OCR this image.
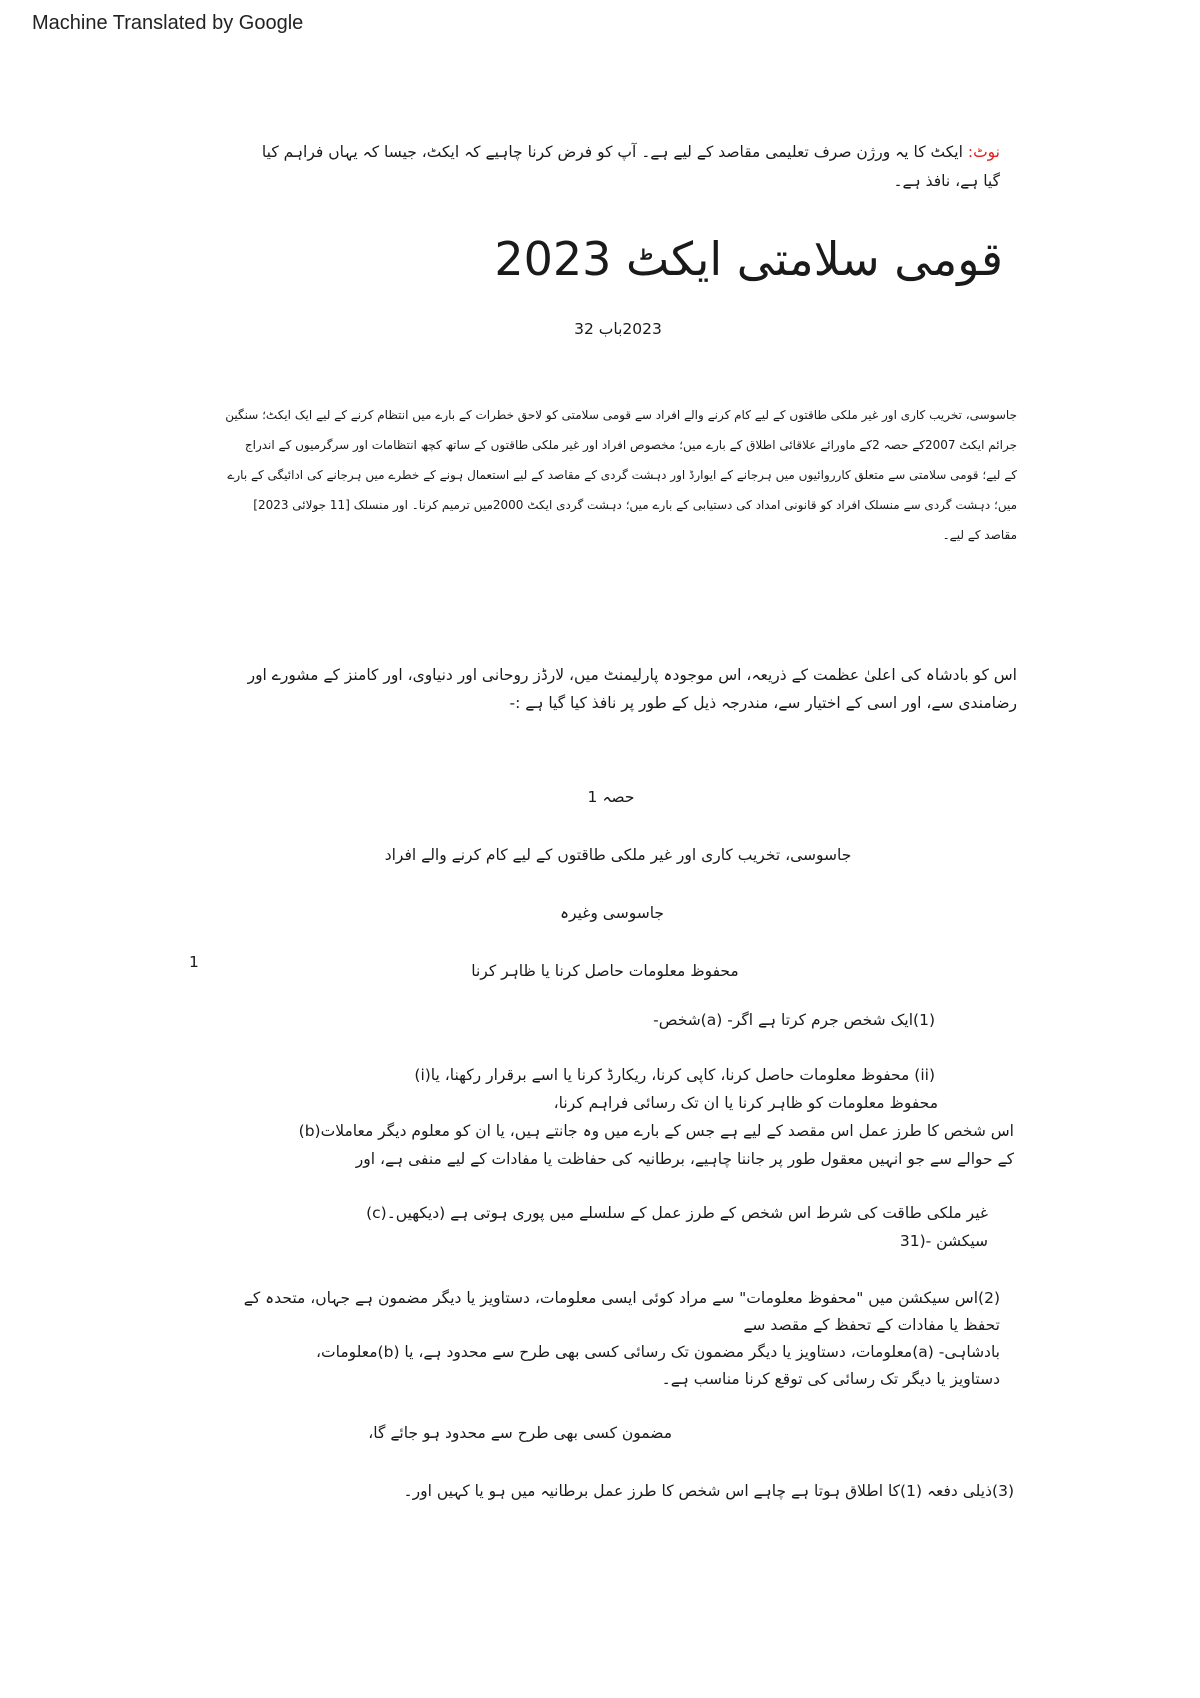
Machine Translated by Google
نوٹ: ایکٹ کا یہ ورژن صرف تعلیمی مقاصد کے لیے ہے۔ آپ کو فرض کرنا چاہیے کہ ایکٹ، جیسا کہ یہاں فراہم کیا
گیا ہے، نافذ ہے۔
قومی سلامتی ایکٹ 2023
2023باب 32
جاسوسی، تخریب کاری اور غیر ملکی طاقتوں کے لیے کام کرنے والے افراد سے قومی سلامتی کو لاحق خطرات کے بارے میں انتظام کرنے کے لیے ایک ایکٹ؛ سنگین
جرائم ایکٹ 2007کے حصہ 2کے ماورائے علاقائی اطلاق کے بارے میں؛ مخصوص افراد اور غیر ملکی طاقتوں کے ساتھ کچھ انتظامات اور سرگرمیوں کے اندراج
کے لیے؛ قومی سلامتی سے متعلق کارروائیوں میں ہرجانے کے ایوارڈ اور دہشت گردی کے مقاصد کے لیے استعمال ہونے کے خطرے میں ہرجانے کی ادائیگی کے بارے
میں؛ دہشت گردی سے منسلک افراد کو قانونی امداد کی دستیابی کے بارے میں؛ دہشت گردی ایکٹ 2000میں ترمیم کرنا۔ اور منسلک [11 جولائی 2023]
مقاصد کے لیے۔
اس کو بادشاہ کی اعلیٰ عظمت کے ذریعہ، اس موجودہ پارلیمنٹ میں، لارڈز روحانی اور دنیاوی، اور کامنز کے مشورے اور
رضامندی سے، اور اسی کے اختیار سے، مندرجہ ذیل کے طور پر نافذ کیا گیا ہے :-
حصہ 1
جاسوسی، تخریب کاری اور غیر ملکی طاقتوں کے لیے کام کرنے والے افراد
جاسوسی وغیرہ
1	محفوظ معلومات حاصل کرنا یا ظاہر کرنا
(1)ایک شخص جرم کرتا ہے اگر- (a)شخص-
(i)محفوظ معلومات حاصل کرنا، کاپی کرنا، ریکارڈ کرنا یا اسے برقرار رکھنا، یا (ii)
محفوظ معلومات کو ظاہر کرنا یا ان تک رسائی فراہم کرنا،
(b)اس شخص کا طرز عمل اس مقصد کے لیے ہے جس کے بارے میں وہ جانتے ہیں، یا ان کو معلوم دیگر معاملات
کے حوالے سے جو انہیں معقول طور پر جاننا چاہیے، برطانیہ کی حفاظت یا مفادات کے لیے منفی ہے، اور
(c)غیر ملکی طاقت کی شرط اس شخص کے طرز عمل کے سلسلے میں پوری ہوتی ہے (دیکھیں۔
سیکشن -(31
(2)اس سیکشن میں "محفوظ معلومات" سے مراد کوئی ایسی معلومات، دستاویز یا دیگر مضمون ہے جہاں، متحدہ کے
تحفظ یا مفادات کے تحفظ کے مقصد سے
بادشاہی- (a)معلومات، دستاویز یا دیگر مضمون تک رسائی کسی بھی طرح سے محدود ہے، یا (b)معلومات،
دستاویز یا دیگر تک رسائی کی توقع کرنا مناسب ہے۔
مضمون کسی بھی طرح سے محدود ہو جائے گا،
(3)ذیلی دفعہ (1)کا اطلاق ہوتا ہے چاہے اس شخص کا طرز عمل برطانیہ میں ہو یا کہیں اور۔
